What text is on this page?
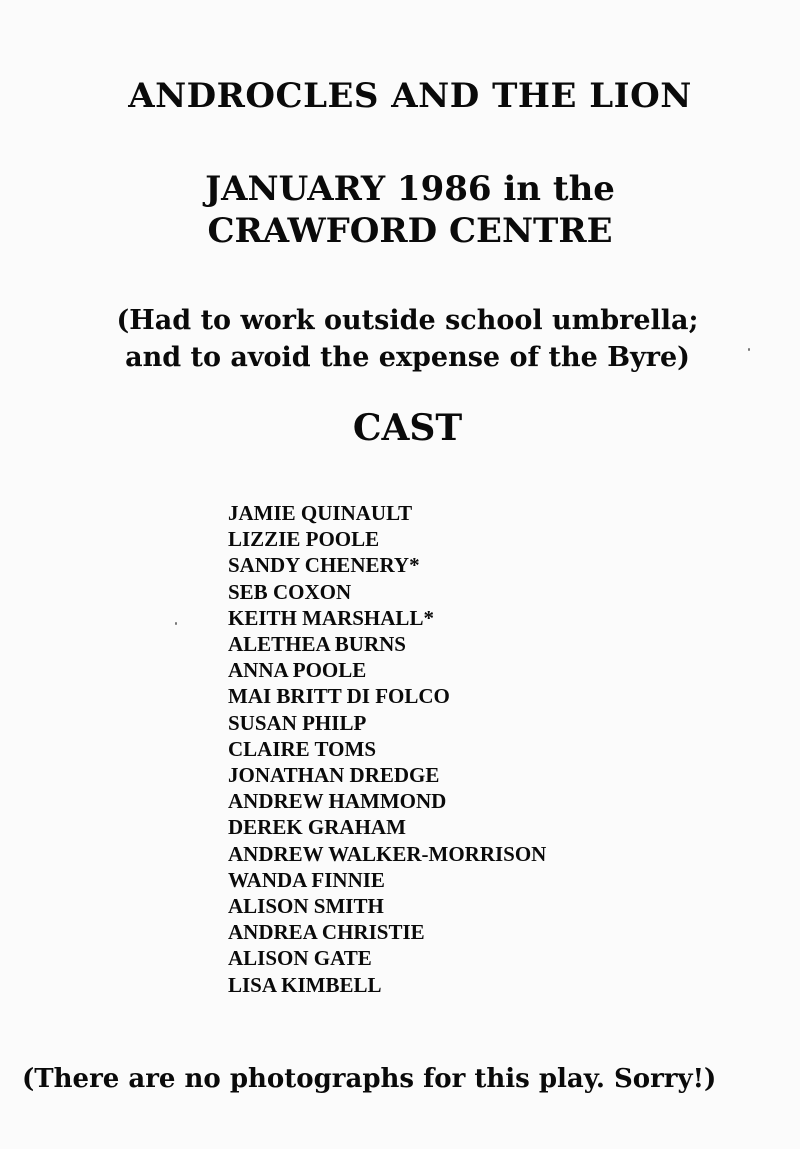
ANDROCLES AND THE LION
JANUARY 1986 in the
CRAWFORD CENTRE

(Had to work outside school umbrella;
and to avoid the expense of the Byre)

CAST
JAMIE QUINAULT
LIZZIE POOLE
SANDY CHENERY*
SEB COXON
KEITH MARSHALL*
ALETHEA BURNS
ANNA POOLE
MAI BRITT DI FOLCO
SUSAN PHILP
CLAIRE TOMS
JONATHAN DREDGE
ANDREW HAMMOND
DEREK GRAHAM
ANDREW WALKER-MORRISON
WANDA FINNIE
ALISON SMITH
ANDREA CHRISTIE
ALISON GATE
LISA KIMBELL

(There are no photographs for this play. Sorry!)
